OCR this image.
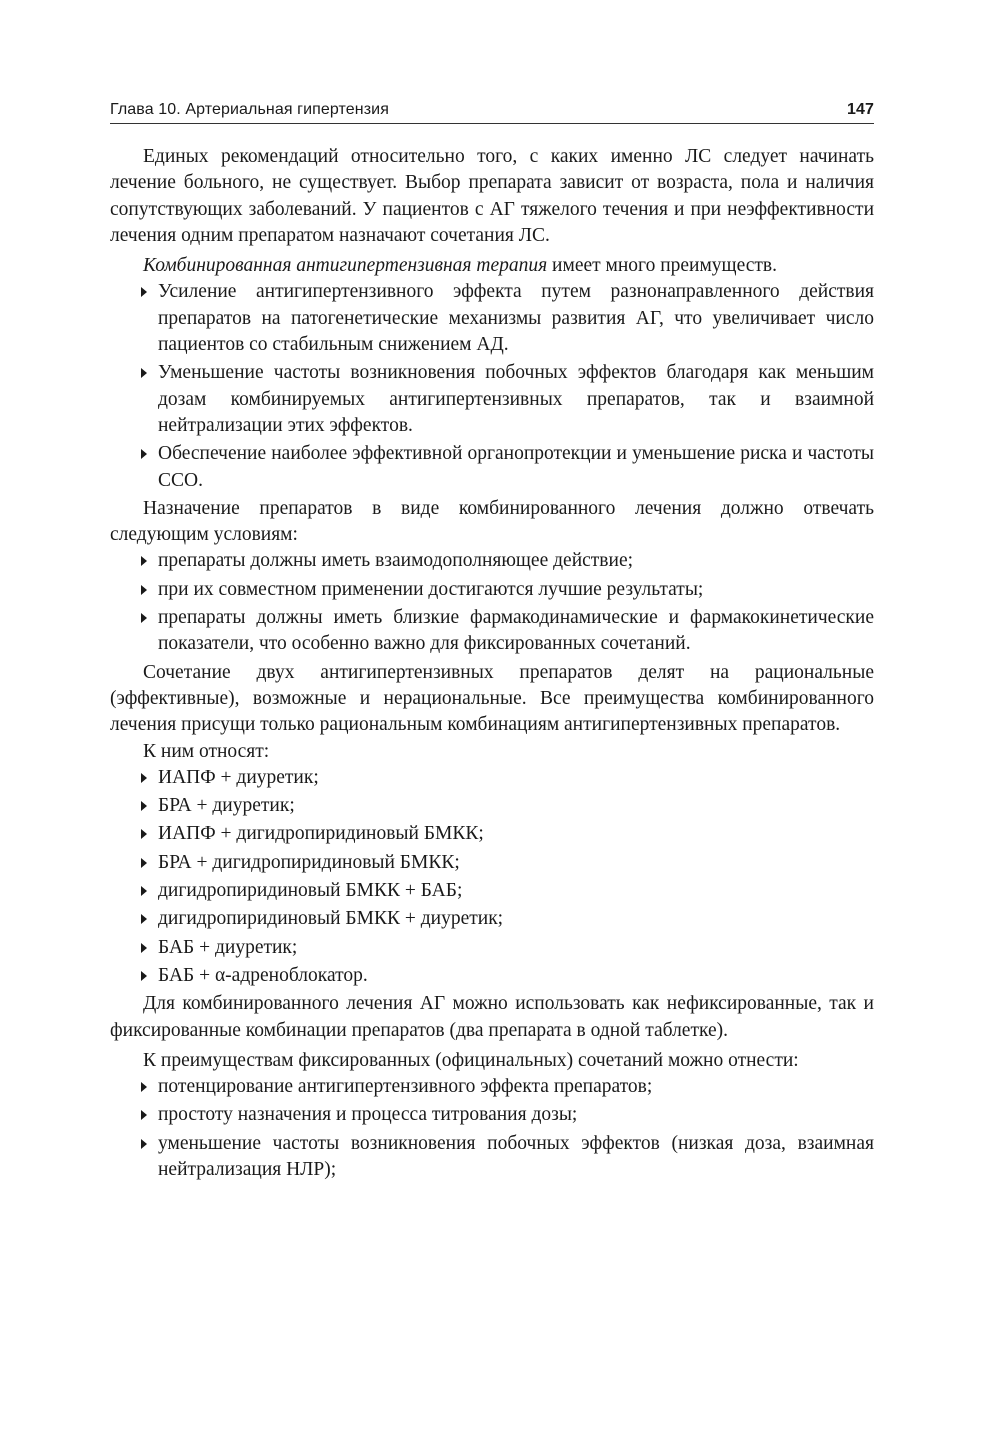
Глава 10. Артериальная гипертензия	147

Единых рекомендаций относительно того, с каких именно ЛС следует начинать лечение больного, не существует. Выбор препарата зависит от возраста, пола и наличия сопутствующих заболеваний. У пациентов с АГ тяжелого течения и при неэффективности лечения одним препаратом назначают сочетания ЛС.

Комбинированная антигипертензивная терапия имеет много преимуществ.

Усиление антигипертензивного эффекта путем разнонаправленного действия препаратов на патогенетические механизмы развития АГ, что увеличивает число пациентов со стабильным снижением АД.
Уменьшение частоты возникновения побочных эффектов благодаря как меньшим дозам комбинируемых антигипертензивных препаратов, так и взаимной нейтрализации этих эффектов.
Обеспечение наиболее эффективной органопротекции и уменьшение риска и частоты ССО.

Назначение препаратов в виде комбинированного лечения должно отвечать следующим условиям:

препараты должны иметь взаимодополняющее действие;
при их совместном применении достигаются лучшие результаты;
препараты должны иметь близкие фармакодинамические и фармакокинетические показатели, что особенно важно для фиксированных сочетаний.

Сочетание двух антигипертензивных препаратов делят на рациональные (эффективные), возможные и нерациональные. Все преимущества комбинированного лечения присущи только рациональным комбинациям антигипертензивных препаратов.

К ним относят:

ИАПФ + диуретик;
БРА + диуретик;
ИАПФ + дигидропиридиновый БМКК;
БРА + дигидропиридиновый БМКК;
дигидропиридиновый БМКК + БАБ;
дигидропиридиновый БМКК + диуретик;
БАБ + диуретик;
БАБ + α-адреноблокатор.

Для комбинированного лечения АГ можно использовать как нефиксированные, так и фиксированные комбинации препаратов (два препарата в одной таблетке).

К преимуществам фиксированных (официнальных) сочетаний можно отнести:

потенцирование антигипертензивного эффекта препаратов;
простоту назначения и процесса титрования дозы;
уменьшение частоты возникновения побочных эффектов (низкая доза, взаимная нейтрализация НЛР);
